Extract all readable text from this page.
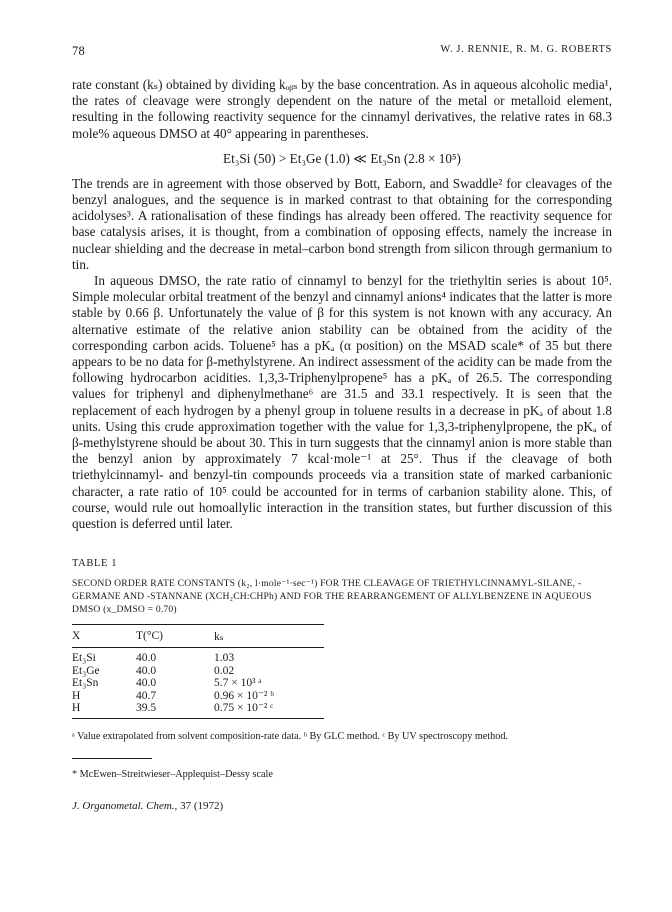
78	W. J. RENNIE, R. M. G. ROBERTS

rate constant (kₛ) obtained by dividing kₒᵦₛ by the base concentration. As in aqueous alcoholic media¹, the rates of cleavage were strongly dependent on the nature of the metal or metalloid element, resulting in the following reactivity sequence for the cinnamyl derivatives, the relative rates in 68.3 mole% aqueous DMSO at 40° appearing in parentheses.

Et₃Si (50) > Et₃Ge (1.0) ≪ Et₃Sn (2.8 × 10⁵)

The trends are in agreement with those observed by Bott, Eaborn, and Swaddle² for cleavages of the benzyl analogues, and the sequence is in marked contrast to that obtaining for the corresponding acidolyses³. A rationalisation of these findings has already been offered. The reactivity sequence for base catalysis arises, it is thought, from a combination of opposing effects, namely the increase in nuclear shielding and the decrease in metal–carbon bond strength from silicon through germanium to tin.

In aqueous DMSO, the rate ratio of cinnamyl to benzyl for the triethyltin series is about 10⁵. Simple molecular orbital treatment of the benzyl and cinnamyl anions⁴ indicates that the latter is more stable by 0.66 β. Unfortunately the value of β for this system is not known with any accuracy. An alternative estimate of the relative anion stability can be obtained from the acidity of the corresponding carbon acids. Toluene⁵ has a pKₐ (α position) on the MSAD scale* of 35 but there appears to be no data for β-methylstyrene. An indirect assessment of the acidity can be made from the following hydrocarbon acidities. 1,3,3-Triphenylpropene⁵ has a pKₐ of 26.5. The corresponding values for triphenyl and diphenylmethane⁶ are 31.5 and 33.1 respectively. It is seen that the replacement of each hydrogen by a phenyl group in toluene results in a decrease in pKₐ of about 1.8 units. Using this crude approximation together with the value for 1,3,3-triphenylpropene, the pKₐ of β-methylstyrene should be about 30. This in turn suggests that the cinnamyl anion is more stable than the benzyl anion by approximately 7 kcal·mole⁻¹ at 25°. Thus if the cleavage of both triethylcinnamyl- and benzyl-tin compounds proceeds via a transition state of marked carbanionic character, a rate ratio of 10⁵ could be accounted for in terms of carbanion stability alone. This, of course, would rule out homoallylic interaction in the transition states, but further discussion of this question is deferred until later.

TABLE 1
SECOND ORDER RATE CONSTANTS (k₂, l·mole⁻¹·sec⁻¹) FOR THE CLEAVAGE OF TRIETHYLCINNAMYL-SILANE, -GERMANE AND -STANNANE (XCH₂CH:CHPh) AND FOR THE REARRANGEMENT OF ALLYLBENZENE IN AQUEOUS DMSO (x_DMSO = 0.70)
X	T(°C)	kₛ
Et₃Si	40.0	1.03
Et₃Ge	40.0	0.02
Et₃Sn	40.0	5.7 × 10³ ᵃ
H	40.7	0.96 × 10⁻² ᵇ
H	39.5	0.75 × 10⁻² ᶜ
ᵃ Value extrapolated from solvent composition-rate data. ᵇ By GLC method. ᶜ By UV spectroscopy method.
* McEwen–Streitwieser–Applequist–Dessy scale
J. Organometal. Chem., 37 (1972)
